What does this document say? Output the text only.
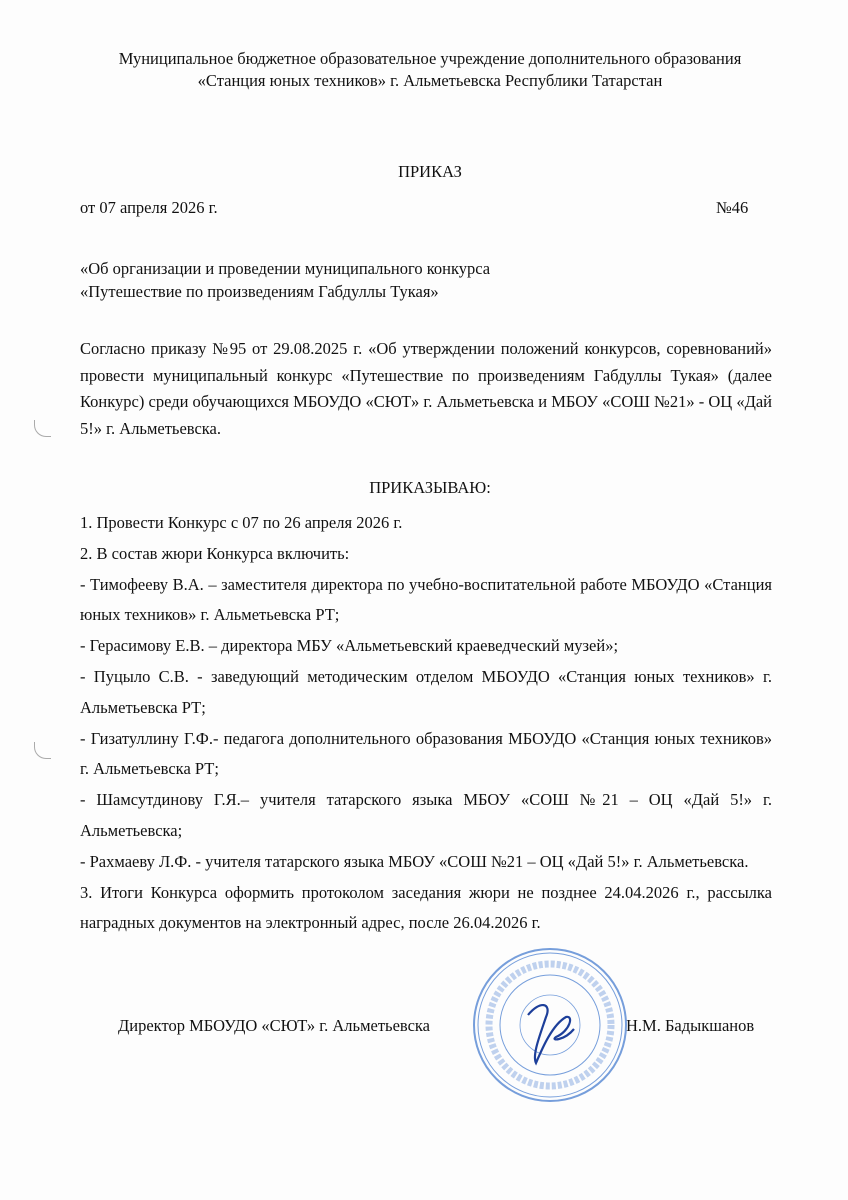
Муниципальное бюджетное образовательное учреждение дополнительного образования
«Станция юных техников» г. Альметьевска Республики Татарстан
ПРИКАЗ
от 07 апреля 2026 г.	№46
«Об организации и проведении муниципального конкурса
«Путешествие по произведениям Габдуллы Тукая»
Согласно приказу №95 от 29.08.2025 г. «Об утверждении положений конкурсов, соревнований» провести муниципальный конкурс «Путешествие по произведениям Габдуллы Тукая» (далее Конкурс) среди обучающихся МБОУДО «СЮТ» г. Альметьевска и МБОУ «СОШ №21» - ОЦ «Дай 5!» г. Альметьевска.
ПРИКАЗЫВАЮ:

1. Провести Конкурс с 07 по 26 апреля 2026 г.

2. В состав жюри Конкурса включить:

- Тимофееву В.А. – заместителя директора по учебно-воспитательной работе МБОУДО «Станция юных техников» г. Альметьевска РТ;

- Герасимову Е.В. – директора МБУ «Альметьевский краеведческий музей»;

- Пуцыло С.В. - заведующий методическим отделом МБОУДО «Станция юных техников» г. Альметьевска РТ;

- Гизатуллину Г.Ф.- педагога дополнительного образования МБОУДО «Станция юных техников» г. Альметьевска РТ;

- Шамсутдинову Г.Я.– учителя татарского языка МБОУ «СОШ №21 – ОЦ «Дай 5!» г. Альметьевска;

- Рахмаеву Л.Ф. - учителя татарского языка МБОУ «СОШ №21 – ОЦ «Дай 5!» г. Альметьевска.

3. Итоги Конкурса оформить протоколом заседания жюри не позднее 24.04.2026 г., рассылка наградных документов на электронный адрес, после 26.04.2026 г.

Директор МБОУДО «СЮТ» г. Альметьевска	Н.М. Бадыкшанов
